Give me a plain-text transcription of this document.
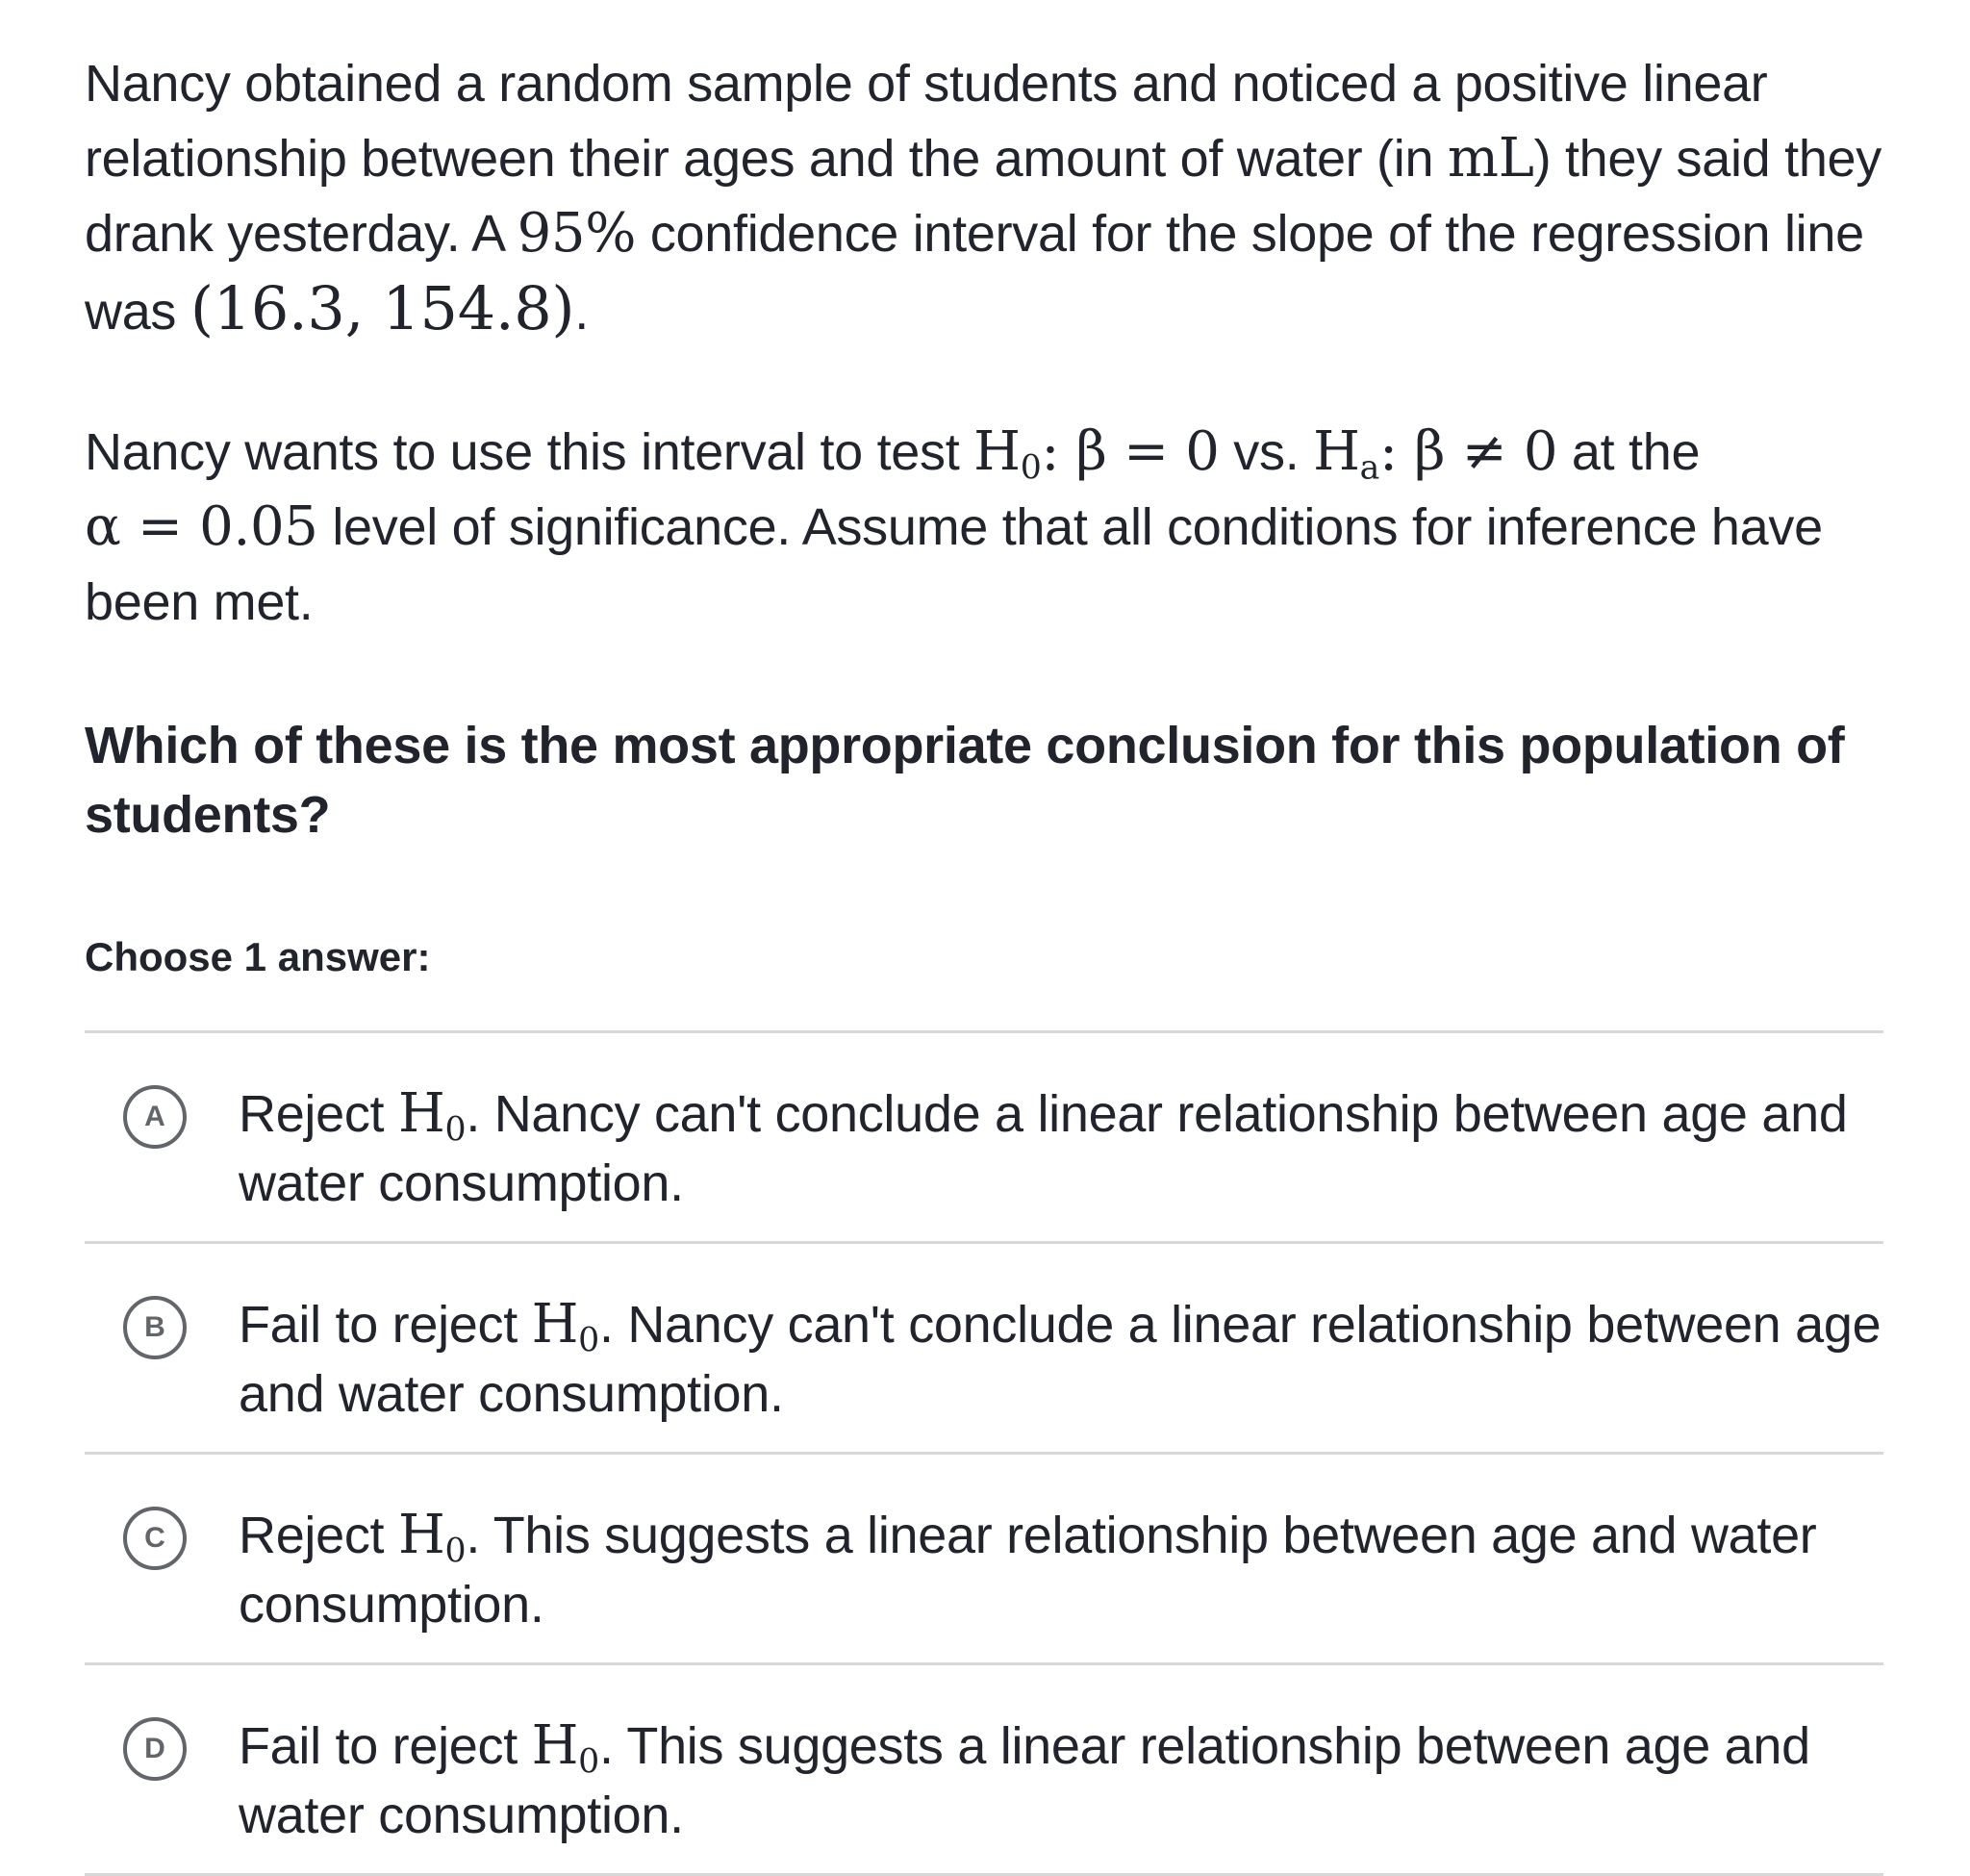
Nancy obtained a random sample of students and noticed a positive linear relationship between their ages and the amount of water (in mL) they said they drank yesterday. A 95% confidence interval for the slope of the regression line was (16.3, 154.8).

Nancy wants to use this interval to test $H_0$: β = 0 vs. $H_a$: β ≠ 0 at the
α = 0.05 level of significance. Assume that all conditions for inference have been met.

Which of these is the most appropriate conclusion for this population of students?

Choose 1 answer:

A	Reject $H_0$. Nancy can't conclude a linear relationship between age and water consumption.
B	Fail to reject $H_0$. Nancy can't conclude a linear relationship between age and water consumption.
C	Reject $H_0$. This suggests a linear relationship between age and water consumption.
D	Fail to reject $H_0$. This suggests a linear relationship between age and water consumption.
